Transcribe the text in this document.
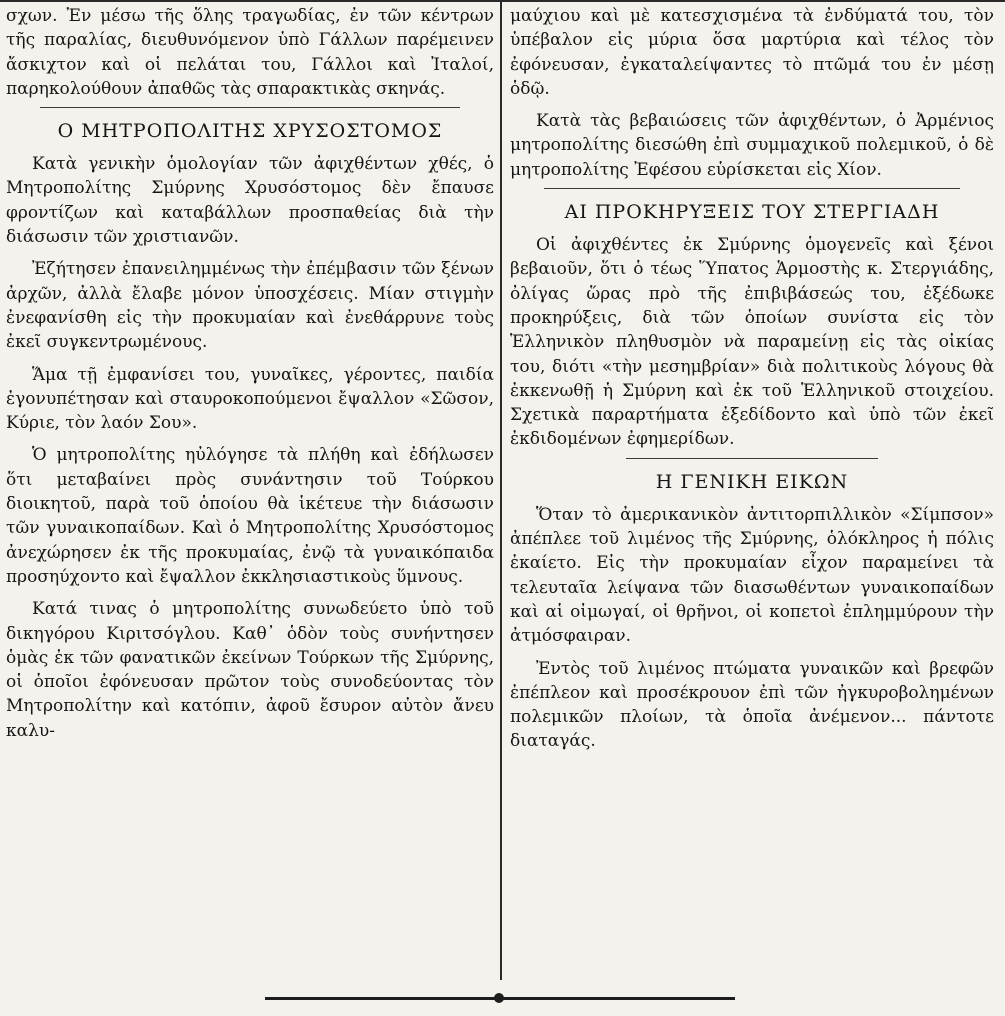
σχων. Ἐν μέσω τῆς ὅλης τραγωδίας, ἐν τῶν κέντρων τῆς παραλίας, διευθυνόμενον ὑπὸ Γάλλων παρέμεινεν ἄσκιχτον καὶ οἱ πελάται του, Γάλλοι καὶ Ἰταλοί, παρηκολούθουν ἀπαθῶς τὰς σπαρακτικὰς σκηνάς.

Ο ΜΗΤΡΟΠΟΛΙΤΗΣ ΧΡΥΣΟΣΤΟΜΟΣ

Κατὰ γενικὴν ὁμολογίαν τῶν ἀφιχθέντων χθές, ὁ Μητροπολίτης Σμύρνης Χρυσόστομος δὲν ἔπαυσε φροντίζων καὶ καταβάλλων προσπαθείας διὰ τὴν διάσωσιν τῶν χριστιανῶν.

Ἐζήτησεν ἐπανειλημμένως τὴν ἐπέμβασιν τῶν ξένων ἀρχῶν, ἀλλὰ ἔλαβε μόνον ὑποσχέσεις. Μίαν στιγμὴν ἐνεφανίσθη εἰς τὴν προκυμαίαν καὶ ἐνεθάρρυνε τοὺς ἐκεῖ συγκεντρωμένους.

Ἅμα τῇ ἐμφανίσει του, γυναῖκες, γέροντες, παιδία ἐγονυπέτησαν καὶ σταυροκοπούμενοι ἔψαλλον «Σῶσον, Κύριε, τὸν λαόν Σου».

Ὁ μητροπολίτης ηὐλόγησε τὰ πλήθη καὶ ἐδήλωσεν ὅτι μεταβαίνει πρὸς συνάντησιν τοῦ Τούρκου διοικητοῦ, παρὰ τοῦ ὁποίου θὰ ἱκέτευε τὴν διάσωσιν τῶν γυναικοπαίδων. Καὶ ὁ Μητροπολίτης Χρυσόστομος ἀνεχώρησεν ἐκ τῆς προκυμαίας, ἐνῷ τὰ γυναικόπαιδα προσηύχοντο καὶ ἔψαλλον ἐκκλησιαστικοὺς ὕμνους.

Κατά τινας ὁ μητροπολίτης συνωδεύετο ὑπὸ τοῦ δικηγόρου Κιριτσόγλου. Καθ᾽ ὁδὸν τοὺς συνήντησεν ὁμὰς ἐκ τῶν φανατικῶν ἐκείνων Τούρκων τῆς Σμύρνης, οἱ ὁποῖοι ἐφόνευσαν πρῶτον τοὺς συνοδεύοντας τὸν Μητροπολίτην καὶ κατόπιν, ἀφοῦ ἔσυρον αὐτὸν ἄνευ καλυ-

μαύχιου καὶ μὲ κατεσχισμένα τὰ ἐνδύματά του, τὸν ὑπέβαλον εἰς μύρια ὅσα μαρτύρια καὶ τέλος τὸν ἐφόνευσαν, ἐγκαταλείψαντες τὸ πτῶμά του ἐν μέσῃ ὁδῷ.

Κατὰ τὰς βεβαιώσεις τῶν ἀφιχθέντων, ὁ Ἀρμένιος μητροπολίτης διεσώθη ἐπὶ συμμαχικοῦ πολεμικοῦ, ὁ δὲ μητροπολίτης Ἐφέσου εὑρίσκεται εἰς Χίον.

ΑΙ ΠΡΟΚΗΡΥΞΕΙΣ ΤΟΥ ΣΤΕΡΓΙΑΔΗ

Οἱ ἀφιχθέντες ἐκ Σμύρνης ὁμογενεῖς καὶ ξένοι βεβαιοῦν, ὅτι ὁ τέως Ὕπατος Ἁρμοστὴς κ. Στεργιάδης, ὀλίγας ὥρας πρὸ τῆς ἐπιβιβάσεώς του, ἐξέδωκε προκηρύξεις, διὰ τῶν ὁποίων συνίστα εἰς τὸν Ἑλληνικὸν πληθυσμὸν νὰ παραμείνῃ εἰς τὰς οἰκίας του, διότι «τὴν μεσημβρίαν» διὰ πολιτικοὺς λόγους θὰ ἐκκενωθῇ ἡ Σμύρνη καὶ ἐκ τοῦ Ἑλληνικοῦ στοιχείου. Σχετικὰ παραρτήματα ἐξεδίδοντο καὶ ὑπὸ τῶν ἐκεῖ ἐκδιδομένων ἐφημερίδων.

Η ΓΕΝΙΚΗ ΕΙΚΩΝ

Ὅταν τὸ ἀμερικανικὸν ἀντιτορπιλλικὸν «Σίμπσον» ἀπέπλεε τοῦ λιμένος τῆς Σμύρνης, ὁλόκληρος ἡ πόλις ἐκαίετο. Εἰς τὴν προκυμαίαν εἶχον παραμείνει τὰ τελευταῖα λείψανα τῶν διασωθέντων γυναικοπαίδων καὶ αἱ οἰμωγαί, οἱ θρῆνοι, οἱ κοπετοὶ ἐπλημμύρουν τὴν ἀτμόσφαιραν.

Ἐντὸς τοῦ λιμένος πτώματα γυναικῶν καὶ βρεφῶν ἐπέπλεον καὶ προσέκρουον ἐπὶ τῶν ἠγκυροβολημένων πολεμικῶν πλοίων, τὰ ὁποῖα ἀνέμενον... πάντοτε διαταγάς.
